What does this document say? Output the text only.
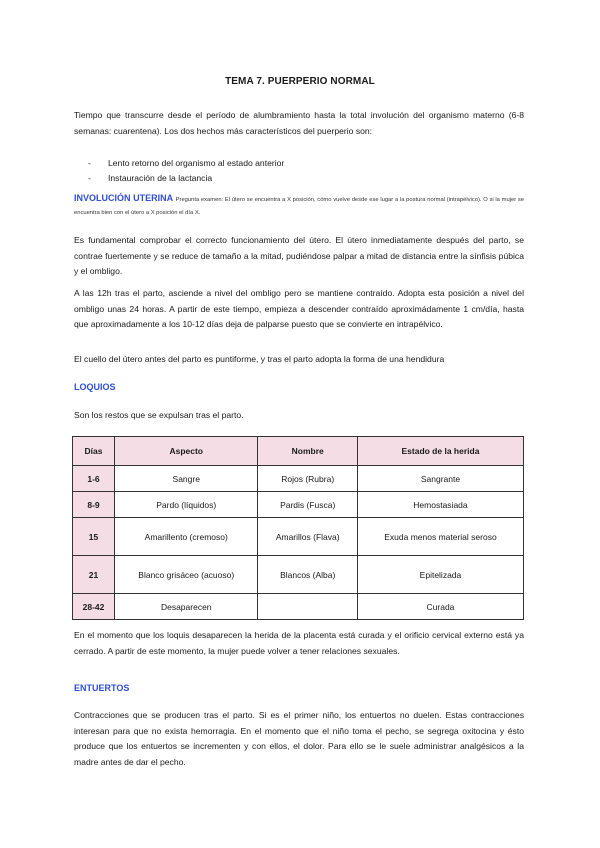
TEMA 7. PUERPERIO NORMAL

Tiempo que transcurre desde el período de alumbramiento hasta la total involución del organismo materno (6-8 semanas: cuarentena). Los dos hechos más característicos del puerperio son:

- Lento retorno del organismo al estado anterior
- Instauración de la lactancia

INVOLUCIÓN UTERINA Pregunta examen: El útero se encuentra a X posición, cómo vuelve desde ese lugar a la postura normal (intrapélvico). O si la mujer se encuentra bien con el útero a X posición el día X.

Es fundamental comprobar el correcto funcionamiento del útero. El útero inmediatamente después del parto, se contrae fuertemente y se reduce de tamaño a la mitad, pudiéndose palpar a mitad de distancia entre la sínfisis púbica y el ombligo.

A las 12h tras el parto, asciende a nivel del ombligo pero se mantiene contraído. Adopta esta posición a nivel del ombligo unas 24 horas. A partir de este tiempo, empieza a descender contraído aproximádamente 1 cm/día, hasta que aproximadamente a los 10-12 días deja de palparse puesto que se convierte en intrapélvico.

El cuello del útero antes del parto es puntiforme, y tras el parto adopta la forma de una hendidura

LOQUIOS

Son los restos que se expulsan tras el parto.

Días	Aspecto	Nombre	Estado de la herida
1-6	Sangre	Rojos (Rubra)	Sangrante
8-9	Pardo (líquidos)	Pardis (Fusca)	Hemostasiada
15	Amarillento (cremoso)	Amarillos (Flava)	Exuda menos material seroso
21	Blanco grisáceo (acuoso)	Blancos (Alba)	Epitelizada
28-42	Desaparecen		Curada

En el momento que los loquis desaparecen la herida de la placenta está curada y el orificio cervical externo está ya cerrado. A partir de este momento, la mujer puede volver a tener relaciones sexuales.

ENTUERTOS

Contracciones que se producen tras el parto. Si es el primer niño, los entuertos no duelen. Estas contracciones interesan para que no exista hemorragia. En el momento que el niño toma el pecho, se segrega oxitocina y ésto produce que los entuertos se incrementen y con ellos, el dolor. Para ello se le suele administrar analgésicos a la madre antes de dar el pecho.
